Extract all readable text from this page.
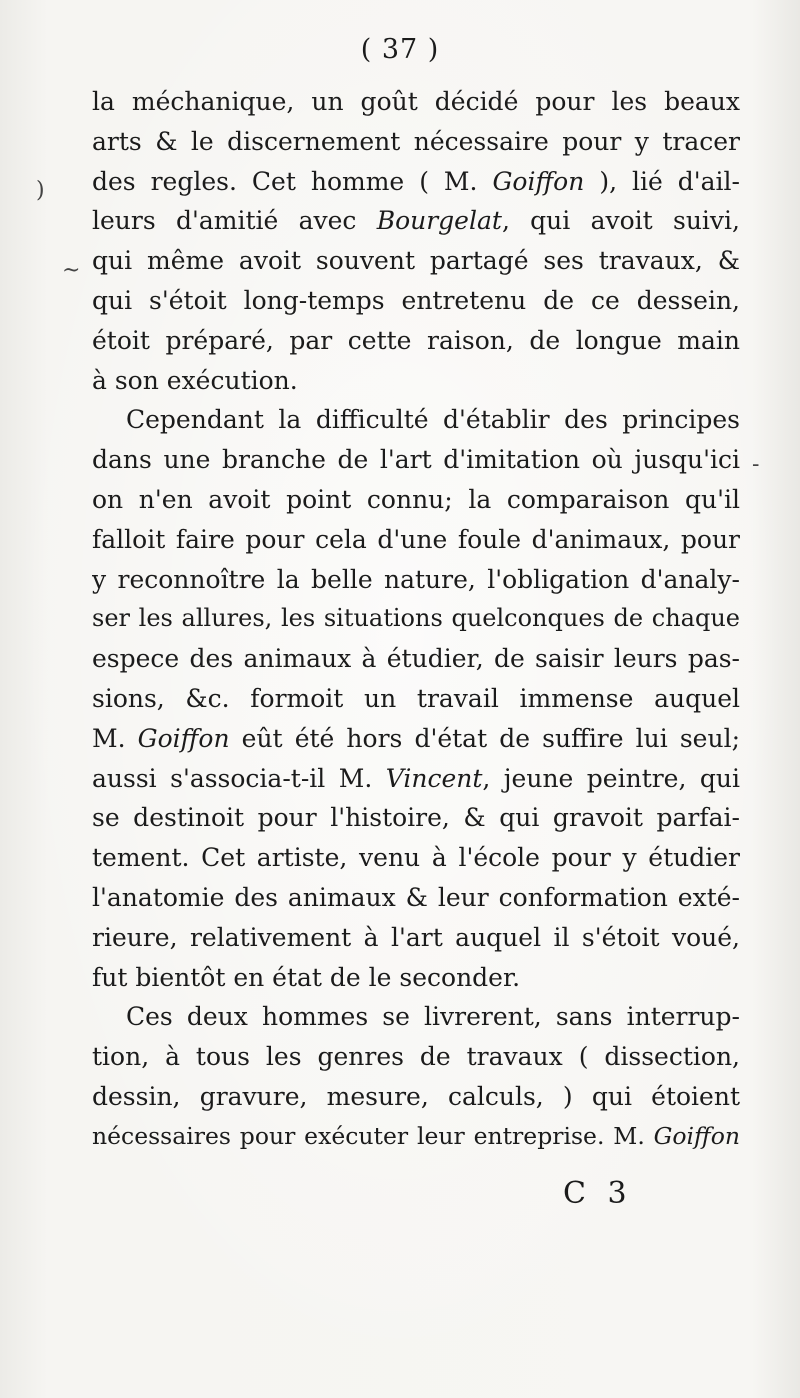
( 37 )
)
~
-
la méchanique, un goût décidé pour les beaux
arts & le discernement nécessaire pour y tracer
des regles. Cet homme ( M. Goiffon ), lié d'ail-
leurs d'amitié avec Bourgelat, qui avoit suivi,
qui même avoit souvent partagé ses travaux, &
qui s'étoit long-temps entretenu de ce dessein,
étoit préparé, par cette raison, de longue main
à son exécution.
Cependant la difficulté d'établir des principes
dans une branche de l'art d'imitation où jusqu'ici
on n'en avoit point connu; la comparaison qu'il
falloit faire pour cela d'une foule d'animaux, pour
y reconnoître la belle nature, l'obligation d'analy-
ser les allures, les situations quelconques de chaque
espece des animaux à étudier, de saisir leurs pas-
sions, &c. formoit un travail immense auquel
M. Goiffon eût été hors d'état de suffire lui seul;
aussi s'associa-t-il M. Vincent, jeune peintre, qui
se destinoit pour l'histoire, & qui gravoit parfai-
tement. Cet artiste, venu à l'école pour y étudier
l'anatomie des animaux & leur conformation exté-
rieure, relativement à l'art auquel il s'étoit voué,
fut bientôt en état de le seconder.
Ces deux hommes se livrerent, sans interrup-
tion, à tous les genres de travaux ( dissection,
dessin, gravure, mesure, calculs, ) qui étoient
nécessaires pour exécuter leur entreprise. M. Goiffon
C 3
